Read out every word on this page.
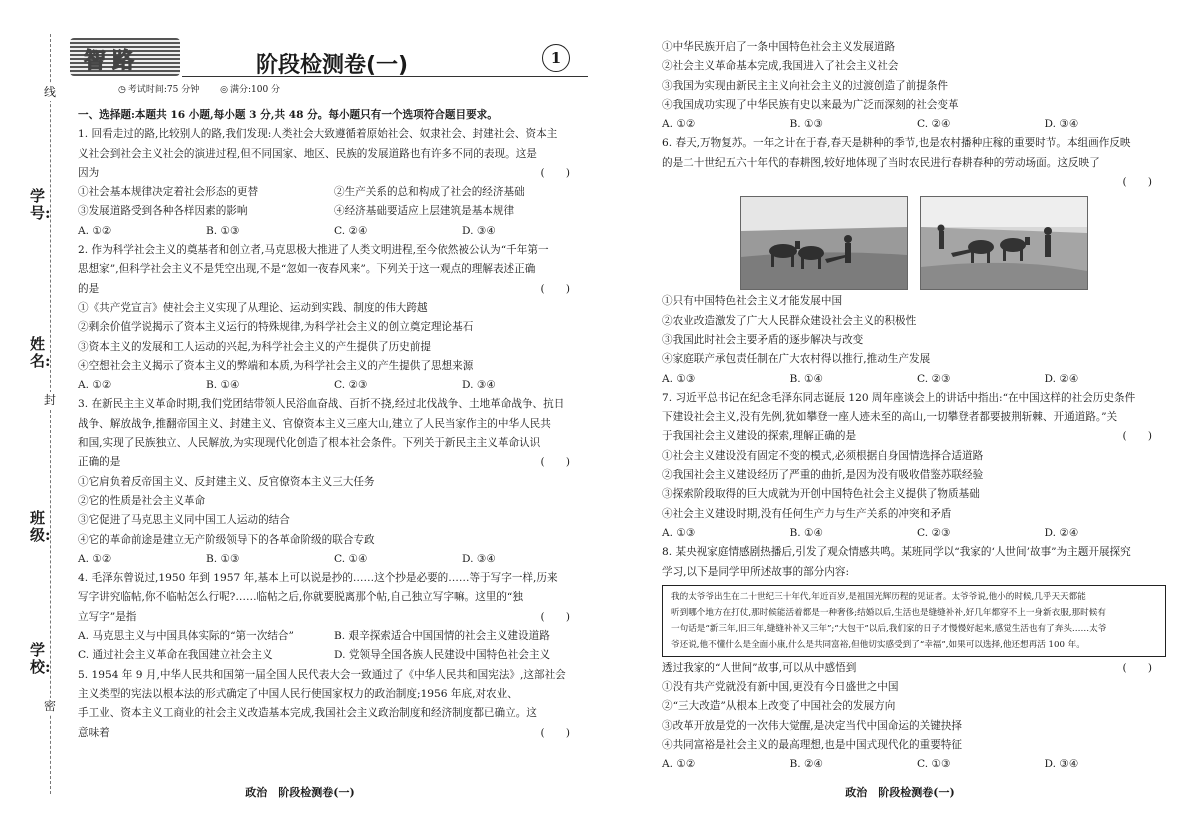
线
学号:
姓名:
封
班级:
学校:
密
智路	阶段检测卷(一)	1
◷ 考试时间:75 分钟 ◎ 满分:100 分
一、选择题:本题共 16 小题,每小题 3 分,共 48 分。每小题只有一个选项符合题目要求。
1. 回看走过的路,比较别人的路,我们发现:人类社会大致遵循着原始社会、奴隶社会、封建社会、资本主
义社会到社会主义社会的演进过程,但不同国家、地区、民族的发展道路也有许多不同的表现。这是
因为	(　　)
①社会基本规律决定着社会形态的更替	②生产关系的总和构成了社会的经济基础
③发展道路受到各种各样因素的影响	④经济基础要适应上层建筑是基本规律
A. ①②	B. ①③	C. ②④	D. ③④
2. 作为科学社会主义的奠基者和创立者,马克思极大推进了人类文明进程,至今依然被公认为“千年第一
思想家”,但科学社会主义不是凭空出现,不是“忽如一夜春风来”。下列关于这一观点的理解表述正确
的是	(　　)
①《共产党宣言》使社会主义实现了从理论、运动到实践、制度的伟大跨越
②剩余价值学说揭示了资本主义运行的特殊规律,为科学社会主义的创立奠定理论基石
③资本主义的发展和工人运动的兴起,为科学社会主义的产生提供了历史前提
④空想社会主义揭示了资本主义的弊端和本质,为科学社会主义的产生提供了思想来源
A. ①②	B. ①④	C. ②③	D. ③④
3. 在新民主主义革命时期,我们党团结带领人民浴血奋战、百折不挠,经过北伐战争、土地革命战争、抗日
战争、解放战争,推翻帝国主义、封建主义、官僚资本主义三座大山,建立了人民当家作主的中华人民共
和国,实现了民族独立、人民解放,为实现现代化创造了根本社会条件。下列关于新民主主义革命认识
正确的是	(　　)
①它肩负着反帝国主义、反封建主义、反官僚资本主义三大任务
②它的性质是社会主义革命
③它促进了马克思主义同中国工人运动的结合
④它的革命前途是建立无产阶级领导下的各革命阶级的联合专政
A. ①②	B. ①③	C. ①④	D. ③④
4. 毛泽东曾说过,1950 年到 1957 年,基本上可以说是抄的……这个抄是必要的……等于写字一样,历来
写字讲究临帖,你不临帖怎么行呢?……临帖之后,你就要脱离那个帖,自己独立写字嘛。这里的“独
立写字”是指	(　　)
A. 马克思主义与中国具体实际的“第一次结合”	B. 艰辛探索适合中国国情的社会主义建设道路
C. 通过社会主义革命在我国建立社会主义	D. 党领导全国各族人民建设中国特色社会主义
5. 1954 年 9 月,中华人民共和国第一届全国人民代表大会一致通过了《中华人民共和国宪法》,这部社会
主义类型的宪法以根本法的形式确定了中国人民行使国家权力的政治制度;1956 年底,对农业、
手工业、资本主义工商业的社会主义改造基本完成,我国社会主义政治制度和经济制度都已确立。这
意味着	(　　)
政治　阶段检测卷(一)
①中华民族开启了一条中国特色社会主义发展道路
②社会主义革命基本完成,我国进入了社会主义社会
③我国为实现由新民主主义向社会主义的过渡创造了前提条件
④我国成功实现了中华民族有史以来最为广泛而深刻的社会变革
A. ①②	B. ①③	C. ②④	D. ③④
6. 春天,万物复苏。一年之计在于春,春天是耕种的季节,也是农村播种庄稼的重要时节。本组画作反映
的是二十世纪五六十年代的春耕图,较好地体现了当时农民进行春耕春种的劳动场面。这反映了
(　　)
①只有中国特色社会主义才能发展中国
②农业改造激发了广大人民群众建设社会主义的积极性
③我国此时社会主要矛盾的逐步解决与改变
④家庭联产承包责任制在广大农村得以推行,推动生产发展
A. ①③	B. ①④	C. ②③	D. ②④
7. 习近平总书记在纪念毛泽东同志诞辰 120 周年座谈会上的讲话中指出:“在中国这样的社会历史条件
下建设社会主义,没有先例,犹如攀登一座人迹未至的高山,一切攀登者都要披荆斩棘、开通道路。”关
于我国社会主义建设的探索,理解正确的是	(　　)
①社会主义建设没有固定不变的模式,必须根据自身国情选择合适道路
②我国社会主义建设经历了严重的曲折,是因为没有吸收借鉴苏联经验
③探索阶段取得的巨大成就为开创中国特色社会主义提供了物质基础
④社会主义建设时期,没有任何生产力与生产关系的冲突和矛盾
A. ①③	B. ①④	C. ②③	D. ②④
8. 某央视家庭情感剧热播后,引发了观众情感共鸣。某班同学以“我家的‘人世间’故事”为主题开展探究
学习,以下是同学甲所述故事的部分内容:
我的太爷爷出生在二十世纪三十年代,年近百岁,是祖国光辉历程的见证者。太爷爷说,他小的时候,几乎天天都能
听到哪个地方在打仗,那时候能活着都是一种奢侈;结婚以后,生活也是缝缝补补,好几年都穿不上一身新衣服,那时候有
一句话是“新三年,旧三年,缝缝补补又三年”;“大包干”以后,我们家的日子才慢慢好起来,感觉生活也有了奔头……太爷
爷还说,他不懂什么是全面小康,什么是共同富裕,但他切实感受到了“幸福”,如果可以选择,他还想再活 100 年。
透过我家的“人世间”故事,可以从中感悟到	(　　)
①没有共产党就没有新中国,更没有今日盛世之中国
②“三大改造”从根本上改变了中国社会的发展方向
③改革开放是党的一次伟大觉醒,是决定当代中国命运的关键抉择
④共同富裕是社会主义的最高理想,也是中国式现代化的重要特征
A. ①②	B. ②④	C. ①③	D. ③④
政治　阶段检测卷(一)
